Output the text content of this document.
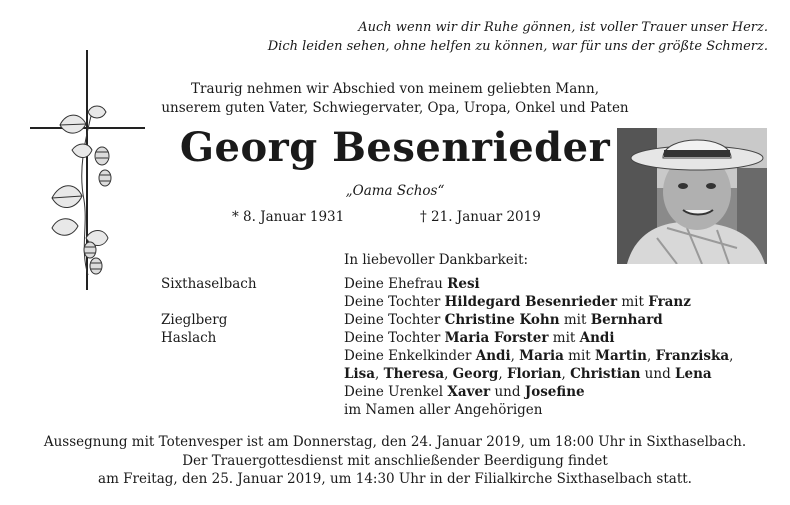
Auch wenn wir dir Ruhe gönnen, ist voller Trauer unser Herz.
Dich leiden sehen, ohne helfen zu können, war für uns der größte Schmerz.
Traurig nehmen wir Abschied von meinem geliebten Mann,
unserem guten Vater, Schwiegervater, Opa, Uropa, Onkel und Paten
Georg Besenrieder
„Oama Schos“
* 8. Januar 1931	† 21. Januar 2019
In liebevoller Dankbarkeit:
Sixthaselbach

Zieglberg
Haslach
Deine Ehefrau Resi
Deine Tochter Hildegard Besenrieder mit Franz
Deine Tochter Christine Kohn mit Bernhard
Deine Tochter Maria Forster mit Andi
Deine Enkelkinder Andi, Maria mit Martin, Franziska,
Lisa, Theresa, Georg, Florian, Christian und Lena
Deine Urenkel Xaver und Josefine
im Namen aller Angehörigen
Aussegnung mit Totenvesper ist am Donnerstag, den 24. Januar 2019, um 18:00 Uhr in Sixthaselbach.
Der Trauergottesdienst mit anschließender Beerdigung findet
am Freitag, den 25. Januar 2019, um 14:30 Uhr in der Filialkirche Sixthaselbach statt.
